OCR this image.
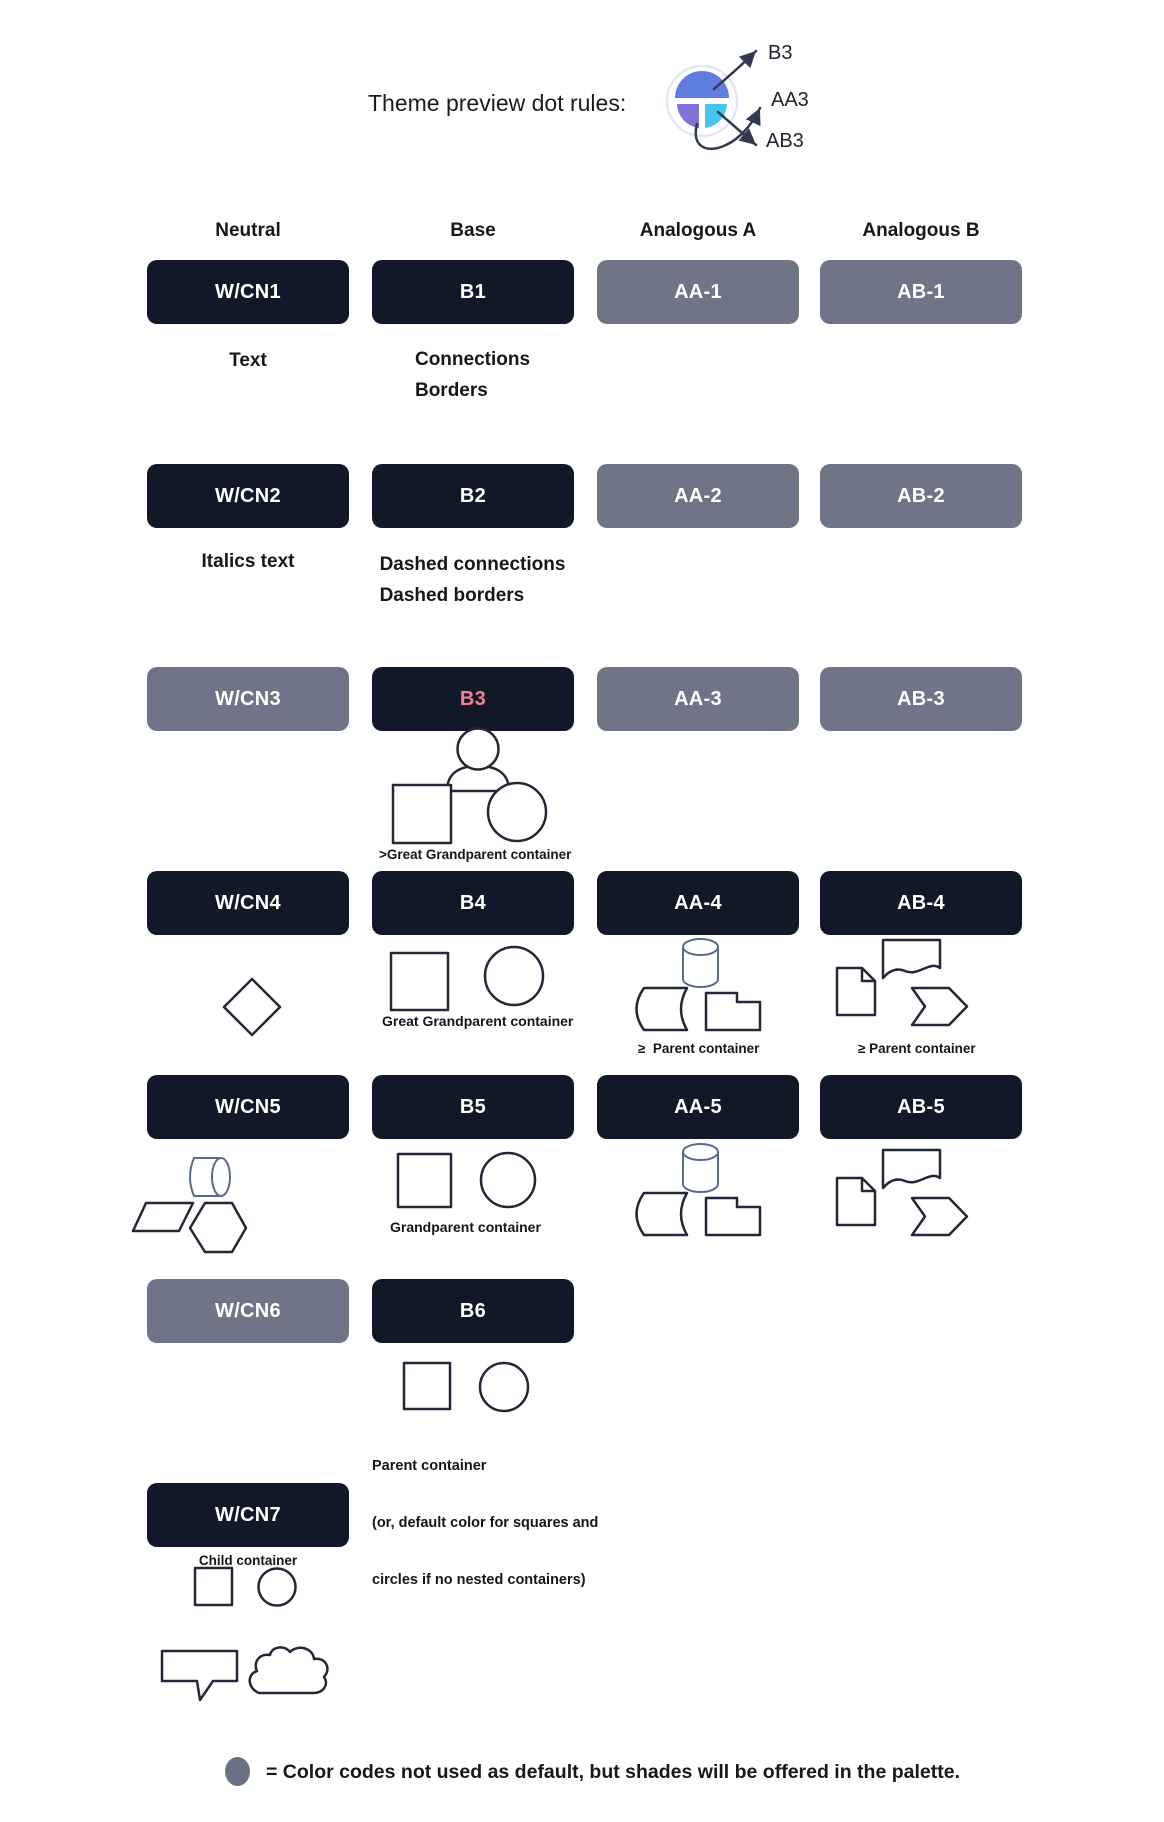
Theme preview dot rules:
B3
AA3
AB3
Neutral	Base	Analogous A	Analogous B
W/CN1	B1	AA-1	AB-1
Text	Connections
Borders
W/CN2	B2	AA-2	AB-2
Italics text	Dashed connections
Dashed borders
W/CN3	B3	AA-3	AB-3
>Great Grandparent container
W/CN4	B4	AA-4	AB-4
Great Grandparent container
≥  Parent container	≥ Parent container
W/CN5	B5	AA-5	AB-5
Grandparent container
W/CN6	B6

Parent container

(or, default color for squares and

circles if no nested containers)

W/CN7
Child container
= Color codes not used as default, but shades will be offered in the palette.
